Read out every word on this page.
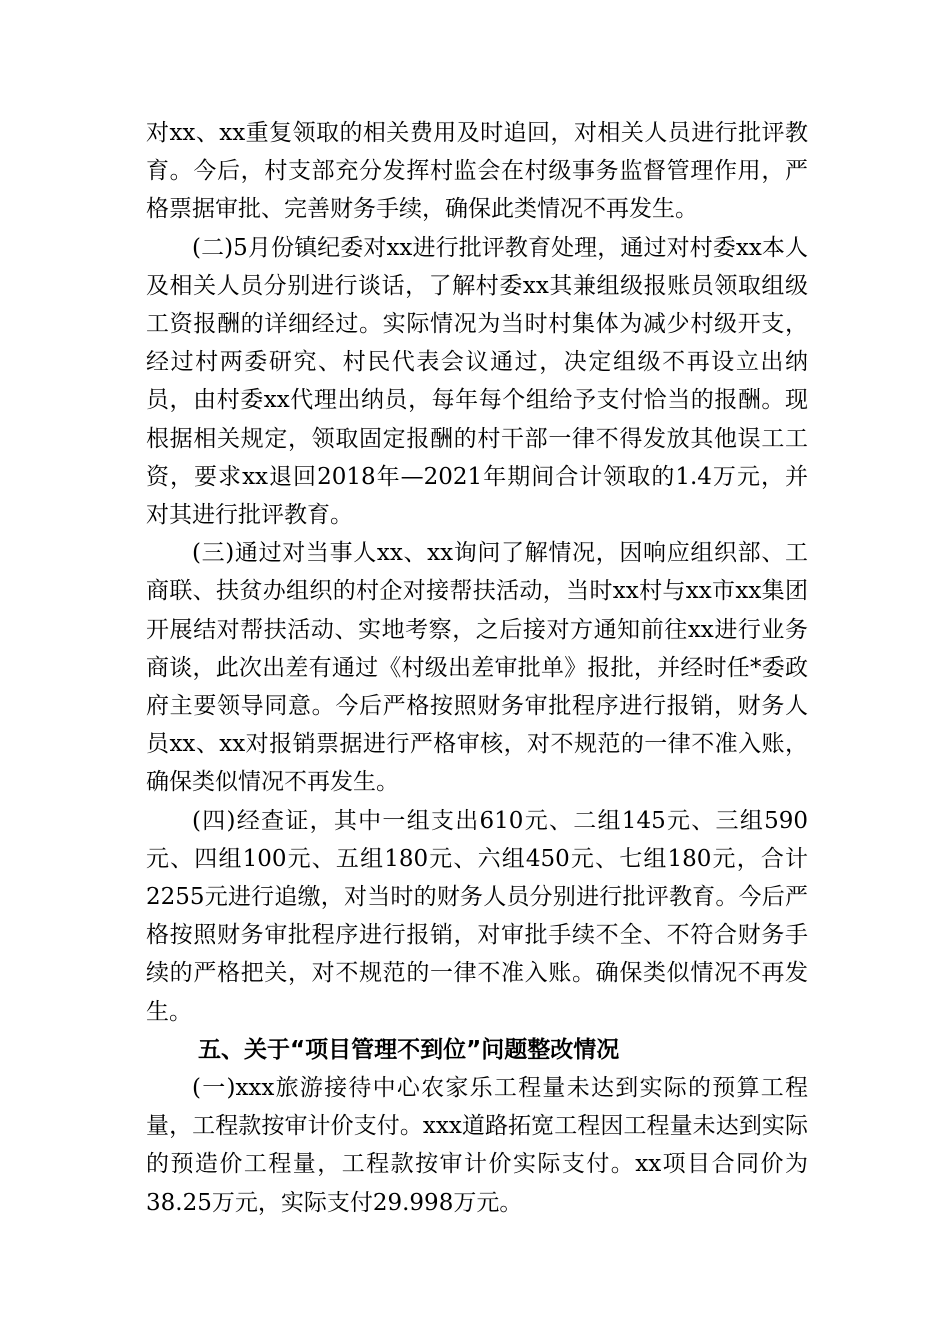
对xx、xx重复领取的相关费用及时追回，对相关人员进行批评教育。今后，村支部充分发挥村监会在村级事务监督管理作用，严格票据审批、完善财务手续，确保此类情况不再发生。

(二)5月份镇纪委对xx进行批评教育处理，通过对村委xx本人及相关人员分别进行谈话，了解村委xx其兼组级报账员领取组级工资报酬的详细经过。实际情况为当时村集体为减少村级开支，经过村两委研究、村民代表会议通过，决定组级不再设立出纳员，由村委xx代理出纳员，每年每个组给予支付恰当的报酬。现根据相关规定，领取固定报酬的村干部一律不得发放其他误工工资，要求xx退回2018年—2021年期间合计领取的1.4万元，并对其进行批评教育。

(三)通过对当事人xx、xx询问了解情况，因响应组织部、工商联、扶贫办组织的村企对接帮扶活动，当时xx村与xx市xx集团开展结对帮扶活动、实地考察，之后接对方通知前往xx进行业务商谈，此次出差有通过《村级出差审批单》报批，并经时任*委政府主要领导同意。今后严格按照财务审批程序进行报销，财务人员xx、xx对报销票据进行严格审核，对不规范的一律不准入账，确保类似情况不再发生。

(四)经查证，其中一组支出610元、二组145元、三组590元、四组100元、五组180元、六组450元、七组180元，合计2255元进行追缴，对当时的财务人员分别进行批评教育。今后严格按照财务审批程序进行报销，对审批手续不全、不符合财务手续的严格把关，对不规范的一律不准入账。确保类似情况不再发生。

五、关于“项目管理不到位”问题整改情况

(一)xxx旅游接待中心农家乐工程量未达到实际的预算工程量，工程款按审计价支付。xxx道路拓宽工程因工程量未达到实际的预造价工程量，工程款按审计价实际支付。xx项目合同价为38.25万元，实际支付29.998万元。
